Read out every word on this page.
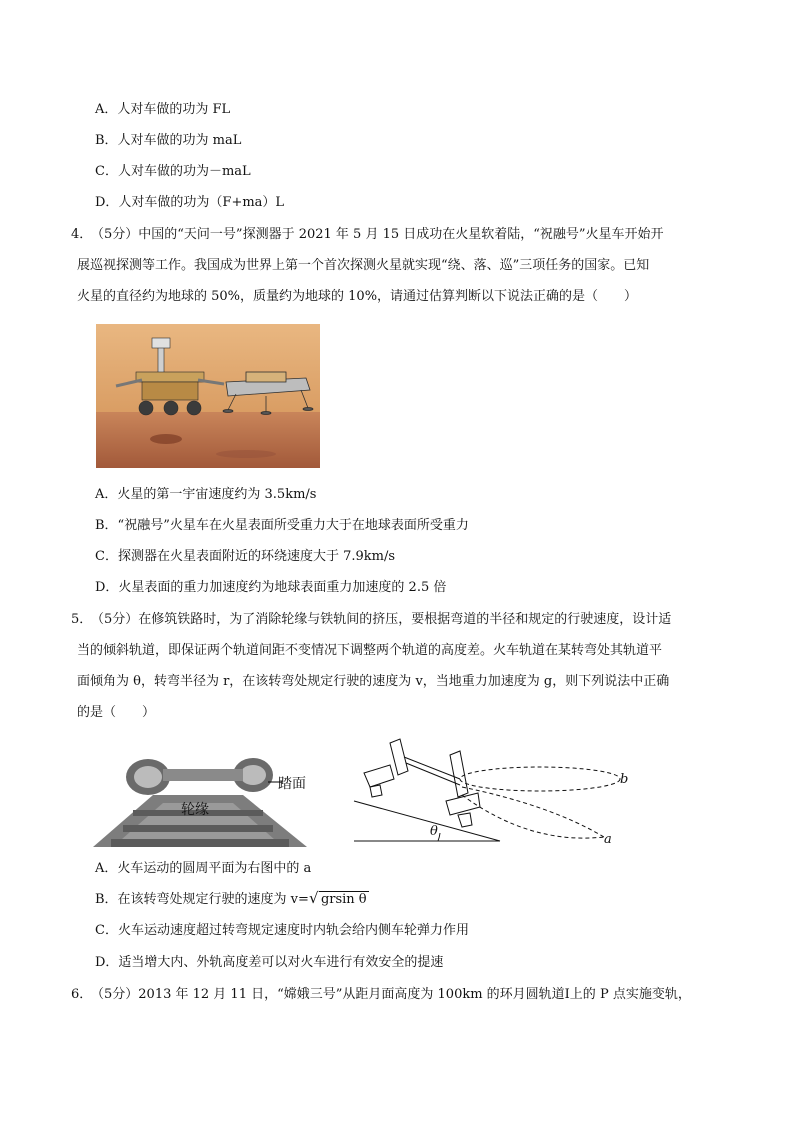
A．人对车做的功为 FL
B．人对车做的功为 maL
C．人对车做的功为－maL
D．人对车做的功为（F+ma）L
4．
（5分）中国的“天问一号”探测器于 2021 年 5 月 15 日成功在火星软着陆，“祝融号”火星车开始开
展巡视探测等工作。我国成为世界上第一个首次探测火星就实现“绕、落、巡”三项任务的国家。已知
火星的直径约为地球的 50%，质量约为地球的 10%，请通过估算判断以下说法正确的是（　　）
A．火星的第一宇宙速度约为 3.5km/s
B．“祝融号”火星车在火星表面所受重力大于在地球表面所受重力
C．探测器在火星表面附近的环绕速度大于 7.9km/s
D．火星表面的重力加速度约为地球表面重力加速度的 2.5 倍
5．
（5分）在修筑铁路时，为了消除轮缘与铁轨间的挤压，要根据弯道的半径和规定的行驶速度，设计适
当的倾斜轨道，即保证两个轨道间距不变情况下调整两个轨道的高度差。火车轨道在某转弯处其轨道平
面倾角为 θ，转弯半径为 r，在该转弯处规定行驶的速度为 v，当地重力加速度为 g，则下列说法中正确
的是（　　）
踏面
轮缘
θ
b
a
A．火车运动的圆周平面为右图中的 a
B．在该转弯处规定行驶的速度为 v= √ grsin θ
C．火车运动速度超过转弯规定速度时内轨会给内侧车轮弹力作用
D．适当增大内、外轨高度差可以对火车进行有效安全的提速
6．
（5分）2013 年 12 月 11 日，“嫦娥三号”从距月面高度为 100km 的环月圆轨道Ⅰ上的 P 点实施变轨，
